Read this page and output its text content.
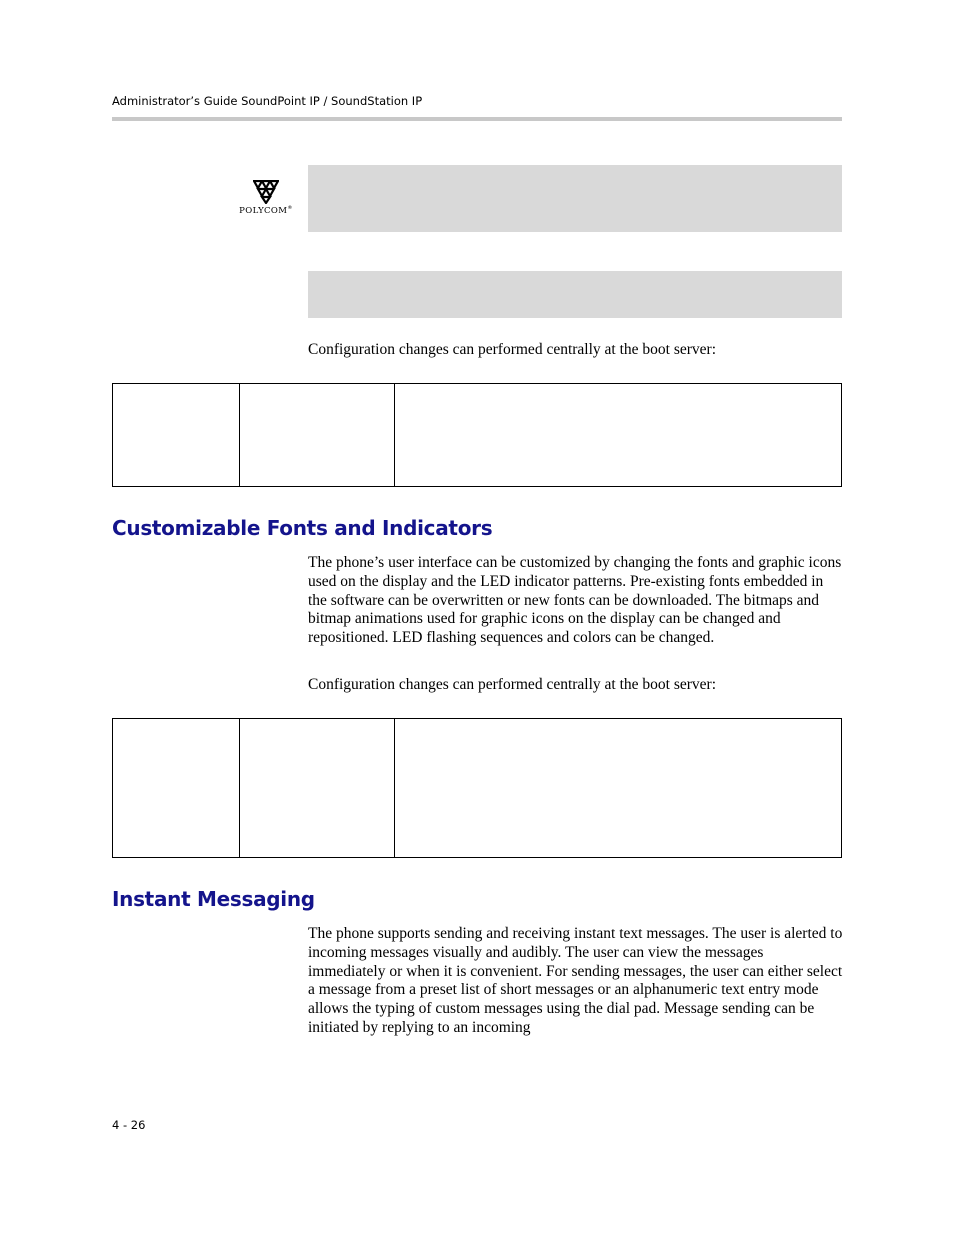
Administrator’s Guide SoundPoint IP / SoundStation IP
POLYCOM®
Configuration changes can performed centrally at the boot server:
Customizable Fonts and Indicators
The phone’s user interface can be customized by changing the fonts and graphic icons used on the display and the LED indicator patterns. Pre-existing fonts embedded in the software can be overwritten or new fonts can be downloaded. The bitmaps and bitmap animations used for graphic icons on the display can be changed and repositioned. LED flashing sequences and colors can be changed.
Configuration changes can performed centrally at the boot server:
Instant Messaging
The phone supports sending and receiving instant text messages. The user is alerted to incoming messages visually and audibly. The user can view the messages immediately or when it is convenient. For sending messages, the user can either select a message from a preset list of short messages or an alphanumeric text entry mode allows the typing of custom messages using the dial pad. Message sending can be initiated by replying to an incoming
4 - 26
